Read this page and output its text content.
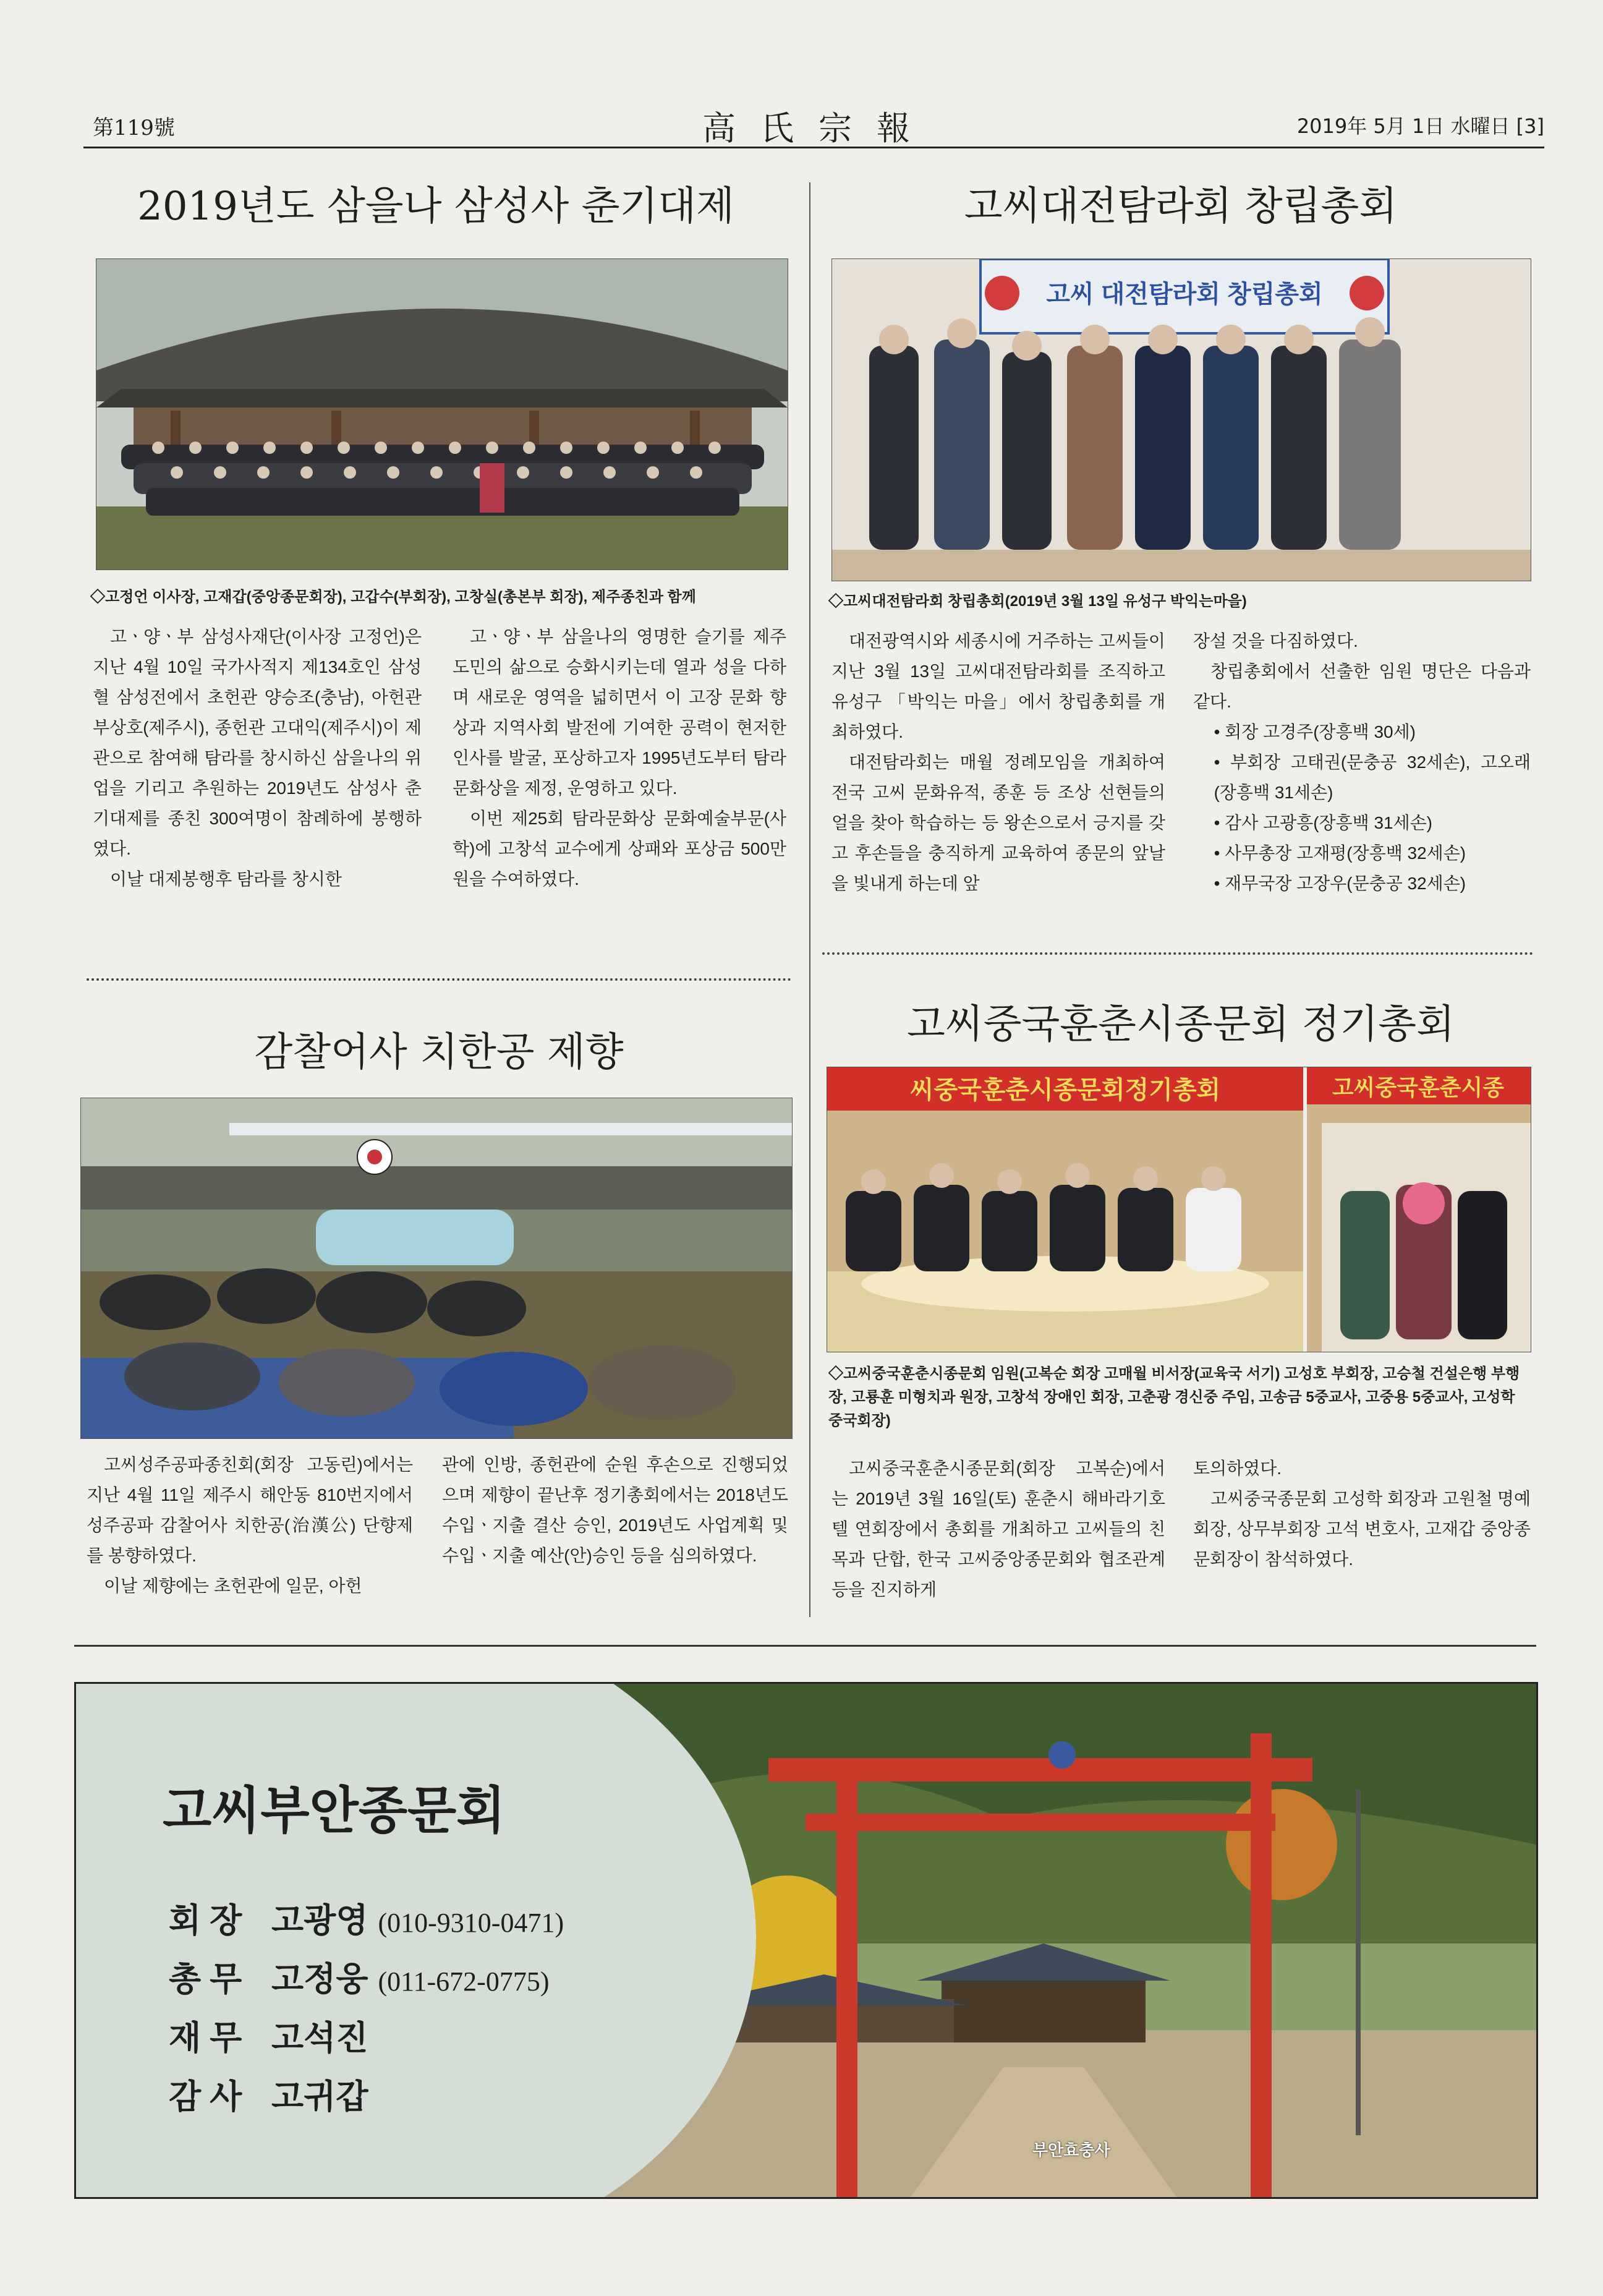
第119號	高氏宗報	2019年 5月 1日 水曜日 [3]
2019년도 삼을나 삼성사 춘기대제
◇고정언 이사장, 고재갑(중앙종문회장), 고갑수(부회장), 고창실(총본부 회장), 제주종친과 함께

고ㆍ양ㆍ부 삼성사재단(이사장 고정언)은 지난 4월 10일 국가사적지 제134호인 삼성혈 삼성전에서 초헌관 양승조(충남), 아헌관 부상호(제주시), 종헌관 고대익(제주시)이 제관으로 참여해 탐라를 창시하신 삼을나의 위업을 기리고 추원하는 2019년도 삼성사 춘기대제를 종친 300여명이 참례하에 봉행하였다.

이날 대제봉행후 탐라를 창시한

고ㆍ양ㆍ부 삼을나의 영명한 슬기를 제주도민의 삶으로 승화시키는데 열과 성을 다하며 새로운 영역을 넓히면서 이 고장 문화 향상과 지역사회 발전에 기여한 공력이 현저한 인사를 발굴, 포상하고자 1995년도부터 탐라문화상을 제정, 운영하고 있다.

이번 제25회 탐라문화상 문화예술부문(사학)에 고창석 교수에게 상패와 포상금 500만원을 수여하였다.

고씨대전탐라회 창립총회
고씨 대전탐라회 창립총회
◇고씨대전탐라회 창립총회(2019년 3월 13일 유성구 박익는마을)

대전광역시와 세종시에 거주하는 고씨들이 지난 3월 13일 고씨대전탐라회를 조직하고 유성구 「박익는 마을」에서 창립총회를 개최하였다.

대전탐라회는 매월 정례모임을 개최하여 전국 고씨 문화유적, 종훈 등 조상 선현들의 얼을 찾아 학습하는 등 왕손으로서 긍지를 갖고 후손들을 충직하게 교육하여 종문의 앞날을 빛내게 하는데 앞

장설 것을 다짐하였다.

창립총회에서 선출한 임원 명단은 다음과 같다.

• 회장 고경주(장흥백 30세)
• 부회장 고태권(문충공 32세손), 고오래(장흥백 31세손)
• 감사 고광흥(장흥백 31세손)
• 사무총장 고재평(장흥백 32세손)
• 재무국장 고장우(문충공 32세손)
감찰어사 치한공 제향

고씨성주공파종친회(회장 고동린)에서는 지난 4월 11일 제주시 해안동 810번지에서 성주공파 감찰어사 치한공(治漢公) 단향제를 봉향하였다.

이날 제향에는 초헌관에 일문, 아헌

관에 인방, 종헌관에 순원 후손으로 진행되었으며 제향이 끝난후 정기총회에서는 2018년도 수입ㆍ지출 결산 승인, 2019년도 사업계획 및 수입ㆍ지출 예산(안)승인 등을 심의하였다.

고씨중국훈춘시종문회 정기총회
씨중국훈춘시종문회정기총회	고씨중국훈춘시종
◇고씨중국훈춘시종문회 임원(고복순 회장 고매월 비서장(교육국 서기) 고성호 부회장, 고승철 건설은행 부행장, 고룡훈 미형치과 원장, 고창석 장애인 회장, 고춘광 경신중 주임, 고송금 5중교사, 고중용 5중교사, 고성학 중국회장)

고씨중국훈춘시종문회(회장 고복순)에서는 2019년 3월 16일(토) 훈춘시 해바라기호텔 연회장에서 총회를 개최하고 고씨들의 친목과 단합, 한국 고씨중앙종문회와 협조관계 등을 진지하게

토의하였다.

고씨중국종문회 고성학 회장과 고원철 명예회장, 상무부회장 고석 변호사, 고재갑 중앙종문회장이 참석하였다.

고씨부안종문회
회장 고광영 (010-9310-0471)
총무 고정웅 (011-672-0775)
재무 고석진
감사 고귀갑
부안효충사
